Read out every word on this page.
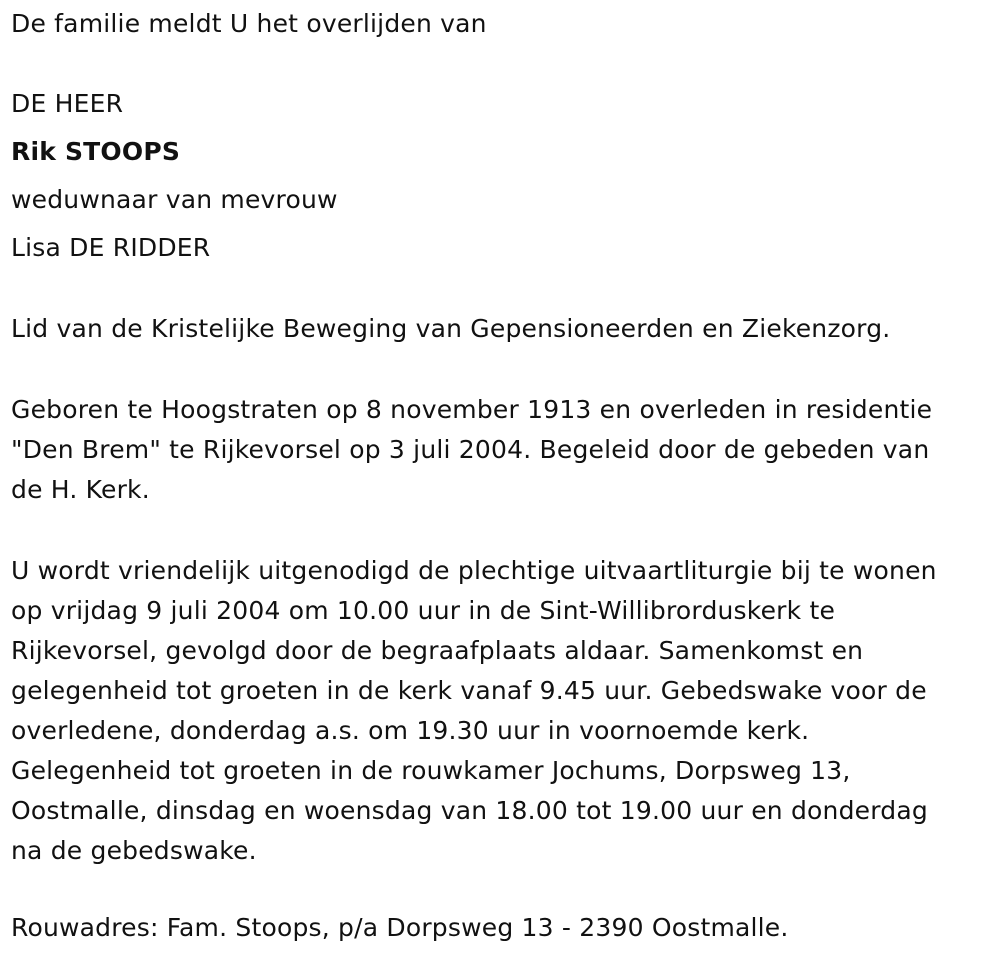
De familie meldt U het overlijden van
DE HEER
Rik STOOPS
weduwnaar van mevrouw
Lisa DE RIDDER
Lid van de Kristelijke Beweging van Gepensioneerden en Ziekenzorg.
Geboren te Hoogstraten op 8 november 1913 en overleden in residentie
"Den Brem" te Rijkevorsel op 3 juli 2004. Begeleid door de gebeden van
de H. Kerk.
U wordt vriendelijk uitgenodigd de plechtige uitvaartliturgie bij te wonen
op vrijdag 9 juli 2004 om 10.00 uur in de Sint-Willibrorduskerk te
Rijkevorsel, gevolgd door de begraafplaats aldaar. Samenkomst en
gelegenheid tot groeten in de kerk vanaf 9.45 uur. Gebedswake voor de
overledene, donderdag a.s. om 19.30 uur in voornoemde kerk.
Gelegenheid tot groeten in de rouwkamer Jochums, Dorpsweg 13,
Oostmalle, dinsdag en woensdag van 18.00 tot 19.00 uur en donderdag
na de gebedswake.
Rouwadres: Fam. Stoops, p/a Dorpsweg 13 - 2390 Oostmalle.
